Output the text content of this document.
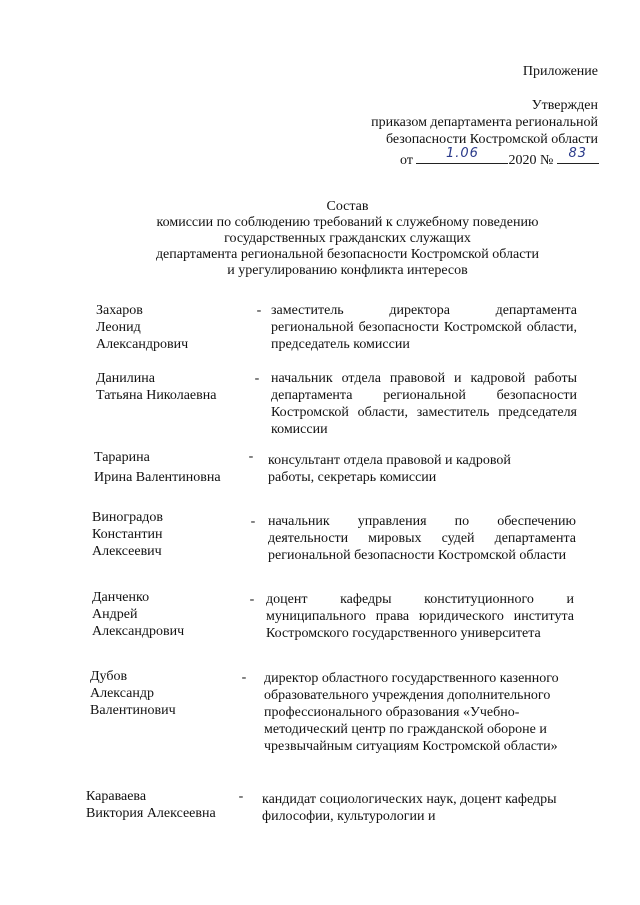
Приложение
Утвержден
приказом департамента региональной
безопасности Костромской области
от	1.06	2020 №	83
Состав
комиссии по соблюдению требований к служебному поведению
государственных гражданских служащих
департамента региональной безопасности Костромской области
и урегулированию конфликта интересов
Захаров
Леонид
Александрович
- заместитель директора департамента региональной безопасности Костромской области, председатель комиссии
Данилина
Татьяна Николаевна
- начальник отдела правовой и кадровой работы департамента региональной безопасности Костромской области, заместитель председателя комиссии
Тарарина
Ирина Валентиновна
- консультант отдела правовой и кадровой работы, секретарь комиссии
Виноградов
Константин
Алексеевич
- начальник управления по обеспечению деятельности мировых судей департамента региональной безопасности Костромской области
Данченко
Андрей
Александрович
- доцент кафедры конституционного и муниципального права юридического института Костромского государственного университета
Дубов
Александр
Валентинович
- директор областного государственного казенного образовательного учреждения дополнительного профессионального образования «Учебно-методический центр по гражданской обороне и чрезвычайным ситуациям Костромской области»
Караваева
Виктория Алексеевна
- кандидат социологических наук, доцент кафедры философии, культурологии и
